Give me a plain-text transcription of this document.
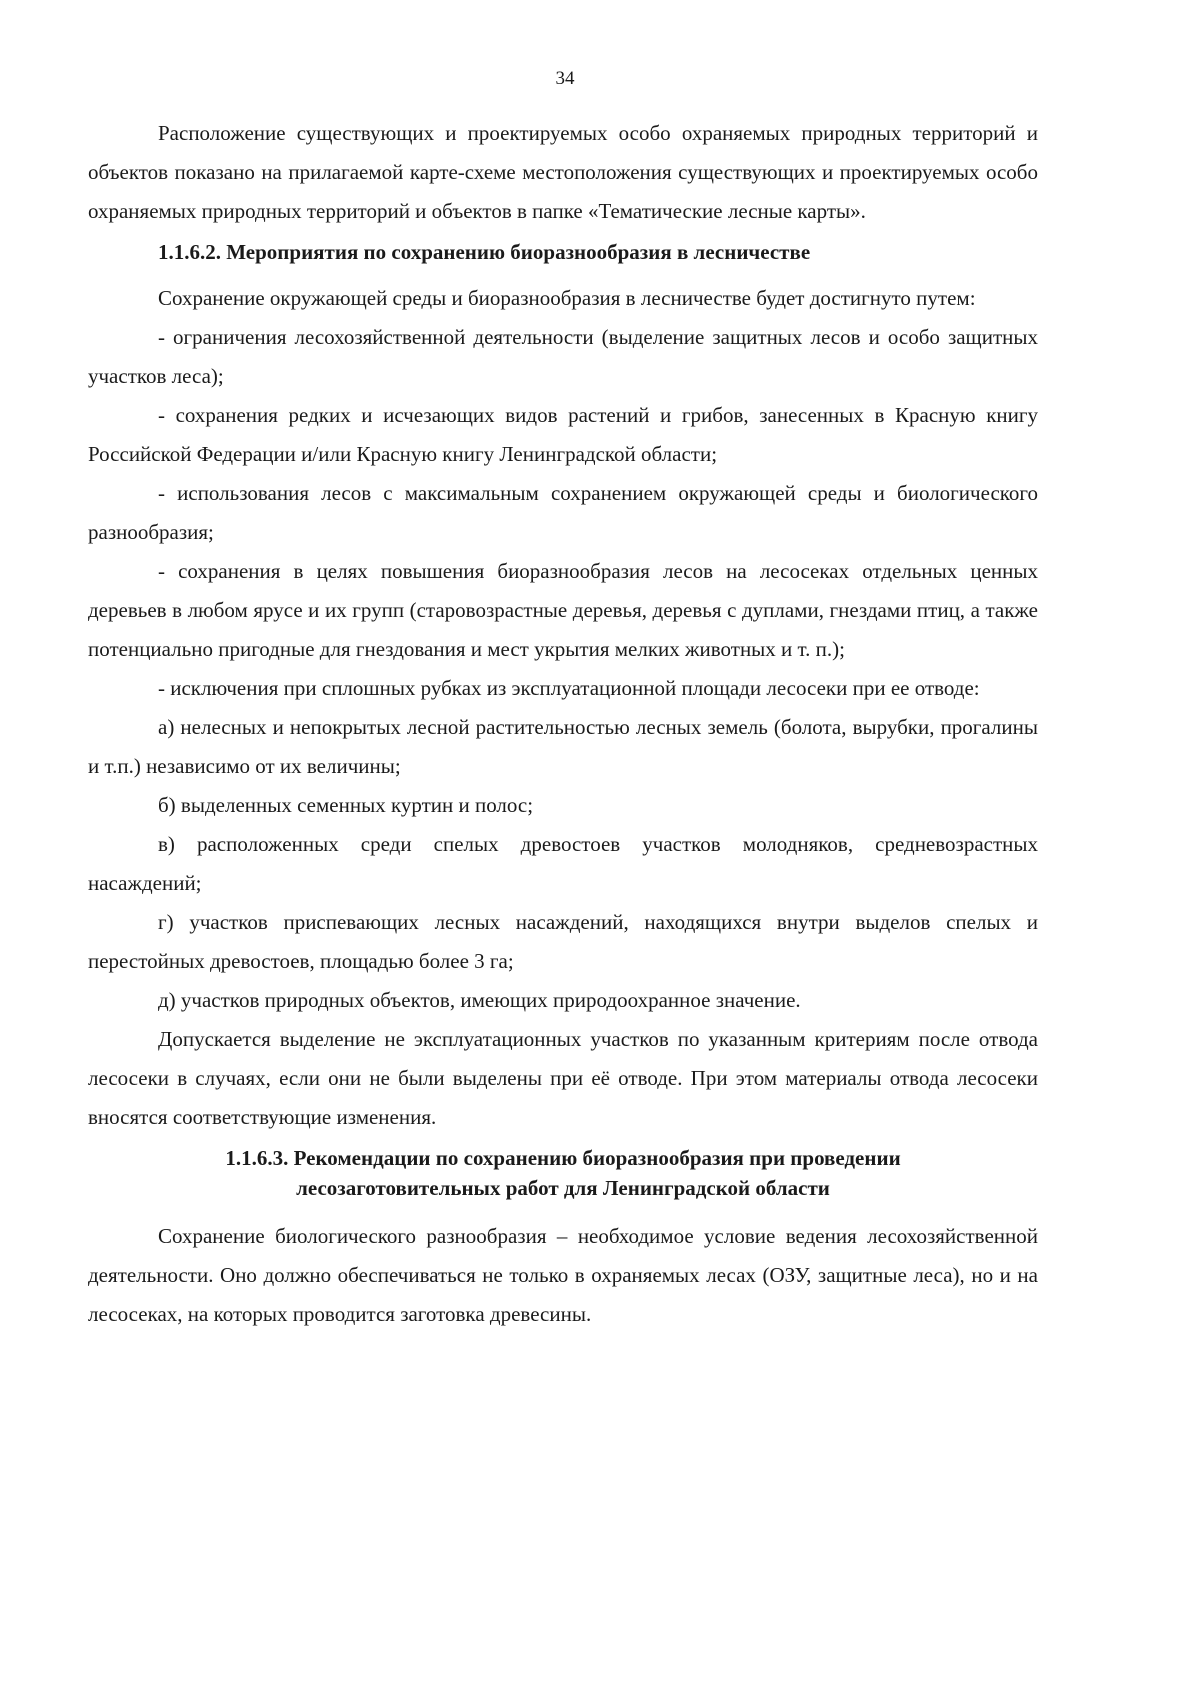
34

Расположение существующих и проектируемых особо охраняемых природных территорий и объектов показано на прилагаемой карте-схеме местоположения существующих и проектируемых особо охраняемых природных территорий и объектов в папке «Тематические лесные карты».

1.1.6.2. Мероприятия по сохранению биоразнообразия в лесничестве

Сохранение окружающей среды и биоразнообразия в лесничестве будет достигнуто путем:

- ограничения лесохозяйственной деятельности (выделение защитных лесов и особо защитных участков леса);

- сохранения редких и исчезающих видов растений и грибов, занесенных в Красную книгу Российской Федерации и/или Красную книгу Ленинградской области;

- использования лесов с максимальным сохранением окружающей среды и биологического разнообразия;

- сохранения в целях повышения биоразнообразия лесов на лесосеках отдельных ценных деревьев в любом ярусе и их групп (старовозрастные деревья, деревья с дуплами, гнездами птиц, а также потенциально пригодные для гнездования и мест укрытия мелких животных и т. п.);

- исключения при сплошных рубках из эксплуатационной площади лесосеки при ее отводе:

а) нелесных и непокрытых лесной растительностью лесных земель (болота, вырубки, прогалины и т.п.) независимо от их величины;

б) выделенных семенных куртин и полос;

в) расположенных среди спелых древостоев участков молодняков, средневозрастных насаждений;

г) участков приспевающих лесных насаждений, находящихся внутри выделов спелых и перестойных древостоев, площадью более 3 га;

д) участков природных объектов, имеющих природоохранное значение.

Допускается выделение не эксплуатационных участков по указанным критериям после отвода лесосеки в случаях, если они не были выделены при её отводе. При этом материалы отвода лесосеки вносятся соответствующие изменения.

1.1.6.3. Рекомендации по сохранению биоразнообразия при проведении
лесозаготовительных работ для Ленинградской области

Сохранение биологического разнообразия – необходимое условие ведения лесохозяйственной деятельности. Оно должно обеспечиваться не только в охраняемых лесах (ОЗУ, защитные леса), но и на лесосеках, на которых проводится заготовка древесины.
